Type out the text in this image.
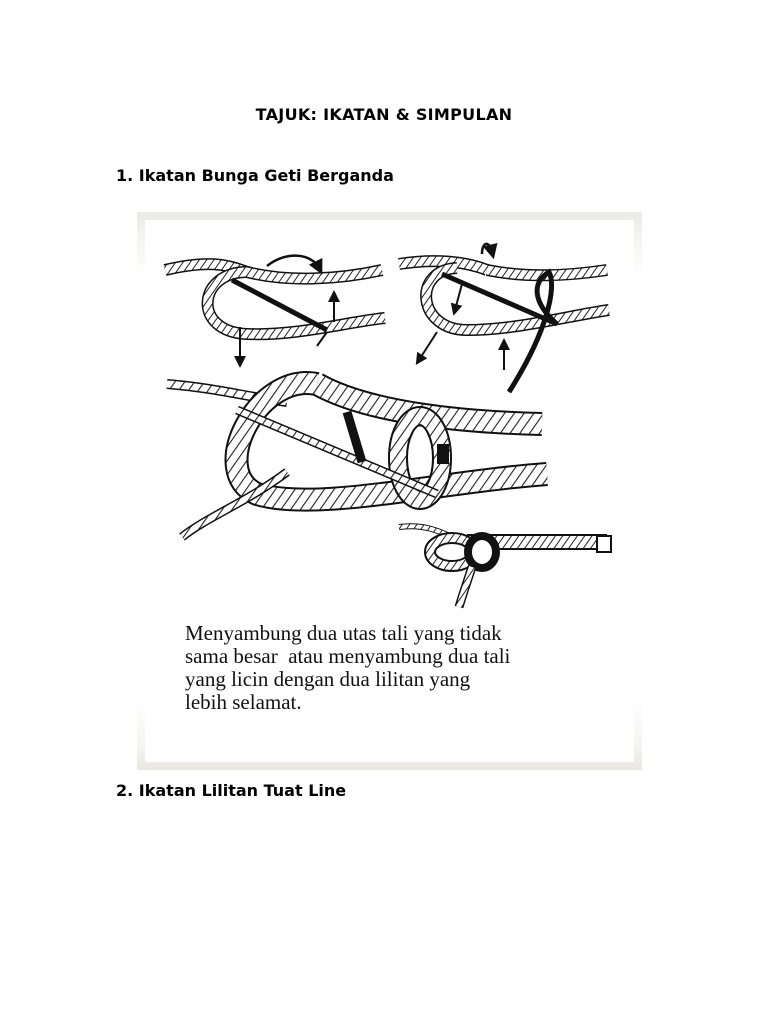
TAJUK: IKATAN & SIMPULAN
1. Ikatan Bunga Geti Berganda
Menyambung dua utas tali yang tidak
sama besar  atau menyambung dua tali
yang licin dengan dua lilitan yang
lebih selamat.
2. Ikatan Lilitan Tuat Line
